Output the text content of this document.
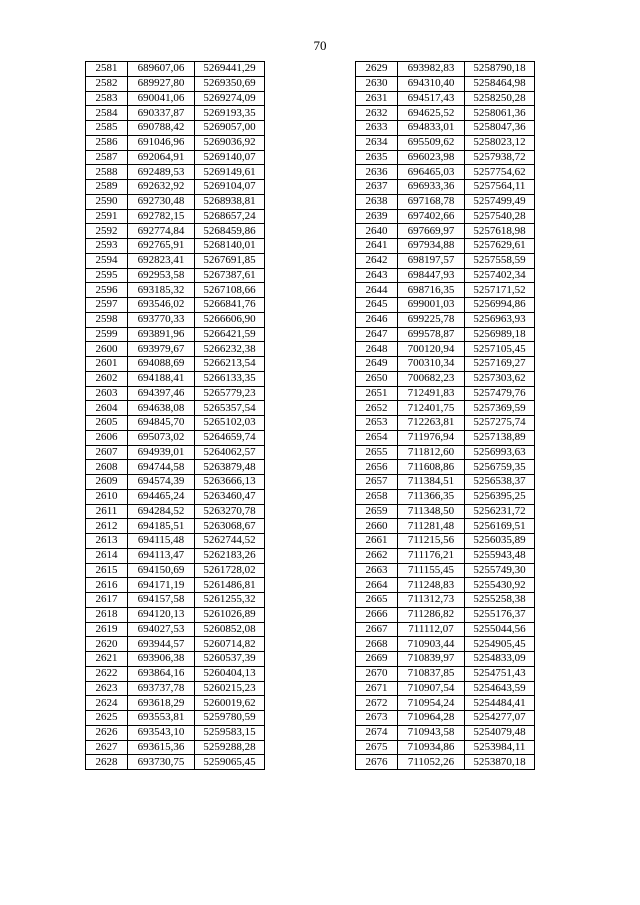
70
2581	689607,06	5269441,29
2582	689927,80	5269350,69
2583	690041,06	5269274,09
2584	690337,87	5269193,35
2585	690788,42	5269057,00
2586	691046,96	5269036,92
2587	692064,91	5269140,07
2588	692489,53	5269149,61
2589	692632,92	5269104,07
2590	692730,48	5268938,81
2591	692782,15	5268657,24
2592	692774,84	5268459,86
2593	692765,91	5268140,01
2594	692823,41	5267691,85
2595	692953,58	5267387,61
2596	693185,32	5267108,66
2597	693546,02	5266841,76
2598	693770,33	5266606,90
2599	693891,96	5266421,59
2600	693979,67	5266232,38
2601	694088,69	5266213,54
2602	694188,41	5266133,35
2603	694397,46	5265779,23
2604	694638,08	5265357,54
2605	694845,70	5265102,03
2606	695073,02	5264659,74
2607	694939,01	5264062,57
2608	694744,58	5263879,48
2609	694574,39	5263666,13
2610	694465,24	5263460,47
2611	694284,52	5263270,78
2612	694185,51	5263068,67
2613	694115,48	5262744,52
2614	694113,47	5262183,26
2615	694150,69	5261728,02
2616	694171,19	5261486,81
2617	694157,58	5261255,32
2618	694120,13	5261026,89
2619	694027,53	5260852,08
2620	693944,57	5260714,82
2621	693906,38	5260537,39
2622	693864,16	5260404,13
2623	693737,78	5260215,23
2624	693618,29	5260019,62
2625	693553,81	5259780,59
2626	693543,10	5259583,15
2627	693615,36	5259288,28
2628	693730,75	5259065,45
2629	693982,83	5258790,18
2630	694310,40	5258464,98
2631	694517,43	5258250,28
2632	694625,52	5258061,36
2633	694833,01	5258047,36
2634	695509,62	5258023,12
2635	696023,98	5257938,72
2636	696465,03	5257754,62
2637	696933,36	5257564,11
2638	697168,78	5257499,49
2639	697402,66	5257540,28
2640	697669,97	5257618,98
2641	697934,88	5257629,61
2642	698197,57	5257558,59
2643	698447,93	5257402,34
2644	698716,35	5257171,52
2645	699001,03	5256994,86
2646	699225,78	5256963,93
2647	699578,87	5256989,18
2648	700120,94	5257105,45
2649	700310,34	5257169,27
2650	700682,23	5257303,62
2651	712491,83	5257479,76
2652	712401,75	5257369,59
2653	712263,81	5257275,74
2654	711976,94	5257138,89
2655	711812,60	5256993,63
2656	711608,86	5256759,35
2657	711384,51	5256538,37
2658	711366,35	5256395,25
2659	711348,50	5256231,72
2660	711281,48	5256169,51
2661	711215,56	5256035,89
2662	711176,21	5255943,48
2663	711155,45	5255749,30
2664	711248,83	5255430,92
2665	711312,73	5255258,38
2666	711286,82	5255176,37
2667	711112,07	5255044,56
2668	710903,44	5254905,45
2669	710839,97	5254833,09
2670	710837,85	5254751,43
2671	710907,54	5254643,59
2672	710954,24	5254484,41
2673	710964,28	5254277,07
2674	710943,58	5254079,48
2675	710934,86	5253984,11
2676	711052,26	5253870,18
